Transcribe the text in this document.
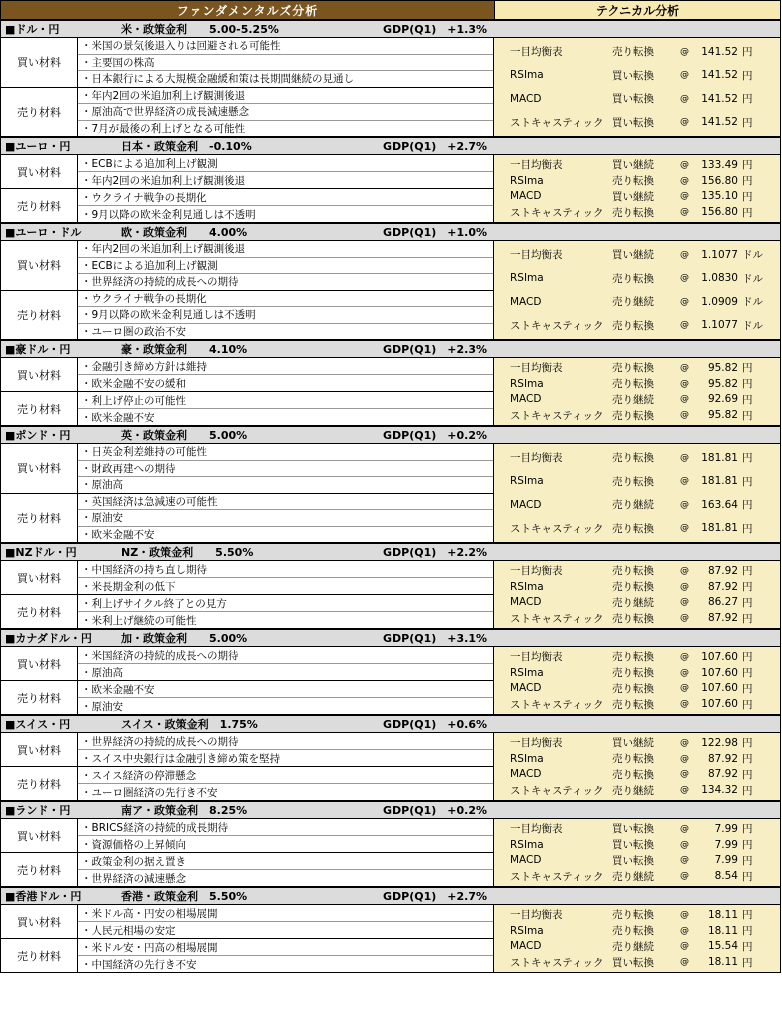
ファンダメンタルズ分析	テクニカル分析
■ドル・円	米・政策金利　　5.00-5.25%	GDP(Q1)　+1.3%
買い材料
・米国の景気後退入りは回避される可能性
・主要国の株高
・日本銀行による大規模金融緩和策は長期間継続の見通し
売り材料
・年内2回の米追加利上げ観測後退
・原油高で世界経済の成長減速懸念
・7月が最後の利上げとなる可能性
一目均衡表	売り転換	@ 141.52 円
RSIma	買い転換	@ 141.52 円
MACD	買い転換	@ 141.52 円
ストキャスティック 買い転換	@ 141.52 円
■ユーロ・円	日本・政策金利　-0.10%	GDP(Q1)　+2.7%
買い材料
・ECBによる追加利上げ観測
・年内2回の米追加利上げ観測後退
売り材料
・ウクライナ戦争の長期化
・9月以降の欧米金利見通しは不透明
一目均衡表	買い継続	@ 133.49 円
RSIma	売り転換	@ 156.80 円
MACD	買い継続	@ 135.10 円
ストキャスティック 売り転換	@ 156.80 円
■ユーロ・ドル	欧・政策金利　　4.00%	GDP(Q1)　+1.0%
買い材料
・年内2回の米追加利上げ観測後退
・ECBによる追加利上げ観測
・世界経済の持続的成長への期待
売り材料
・ウクライナ戦争の長期化
・9月以降の欧米金利見通しは不透明
・ユーロ圏の政治不安
一目均衡表	買い継続	@ 1.1077 ドル
RSIma	売り転換	@ 1.0830 ドル
MACD	売り継続	@ 1.0909 ドル
ストキャスティック 売り転換	@ 1.1077 ドル
■豪ドル・円	豪・政策金利　　4.10%	GDP(Q1)　+2.3%
買い材料
・金融引き締め方針は維持
・欧米金融不安の緩和
売り材料
・利上げ停止の可能性
・欧米金融不安
一目均衡表	売り転換	@ 95.82 円
RSIma	売り転換	@ 95.82 円
MACD	売り継続	@ 92.69 円
ストキャスティック 売り転換	@ 95.82 円
■ポンド・円	英・政策金利　　5.00%	GDP(Q1)　+0.2%
買い材料
・日英金利差維持の可能性
・財政再建への期待
・原油高
売り材料
・英国経済は急減速の可能性
・原油安
・欧米金融不安
一目均衡表	売り転換	@ 181.81 円
RSIma	売り転換	@ 181.81 円
MACD	売り継続	@ 163.64 円
ストキャスティック 売り転換	@ 181.81 円
■NZドル・円	NZ・政策金利　　5.50%	GDP(Q1)　+2.2%
買い材料
・中国経済の持ち直し期待
・米長期金利の低下
売り材料
・利上げサイクル終了との見方
・米利上げ継続の可能性
一目均衡表	売り転換	@ 87.92 円
RSIma	売り転換	@ 87.92 円
MACD	売り継続	@ 86.27 円
ストキャスティック 売り転換	@ 87.92 円
■カナダドル・円	加・政策金利　　5.00%	GDP(Q1)　+3.1%
買い材料
・米国経済の持続的成長への期待
・原油高
売り材料
・欧米金融不安
・原油安
一目均衡表	売り転換	@ 107.60 円
RSIma	売り転換	@ 107.60 円
MACD	売り転換	@ 107.60 円
ストキャスティック 売り転換	@ 107.60 円
■スイス・円	スイス・政策金利　1.75%	GDP(Q1)　+0.6%
買い材料
・世界経済の持続的成長への期待
・スイス中央銀行は金融引き締め策を堅持
売り材料
・スイス経済の停滞懸念
・ユーロ圏経済の先行き不安
一目均衡表	買い継続	@ 122.98 円
RSIma	売り転換	@ 87.92 円
MACD	売り転換	@ 87.92 円
ストキャスティック 売り継続	@ 134.32 円
■ランド・円	南ア・政策金利　8.25%	GDP(Q1)　+0.2%
買い材料
・BRICS経済の持続的成長期待
・資源価格の上昇傾向
売り材料
・政策金利の据え置き
・世界経済の減速懸念
一目均衡表	買い転換	@ 7.99 円
RSIma	買い転換	@ 7.99 円
MACD	買い転換	@ 7.99 円
ストキャスティック 売り継続	@ 8.54 円
■香港ドル・円	香港・政策金利　5.50%	GDP(Q1)　+2.7%
買い材料
・米ドル高・円安の相場展開
・人民元相場の安定
売り材料
・米ドル安・円高の相場展開
・中国経済の先行き不安
一目均衡表	売り転換	@ 18.11 円
RSIma	売り転換	@ 18.11 円
MACD	売り継続	@ 15.54 円
ストキャスティック 買い転換	@ 18.11 円
